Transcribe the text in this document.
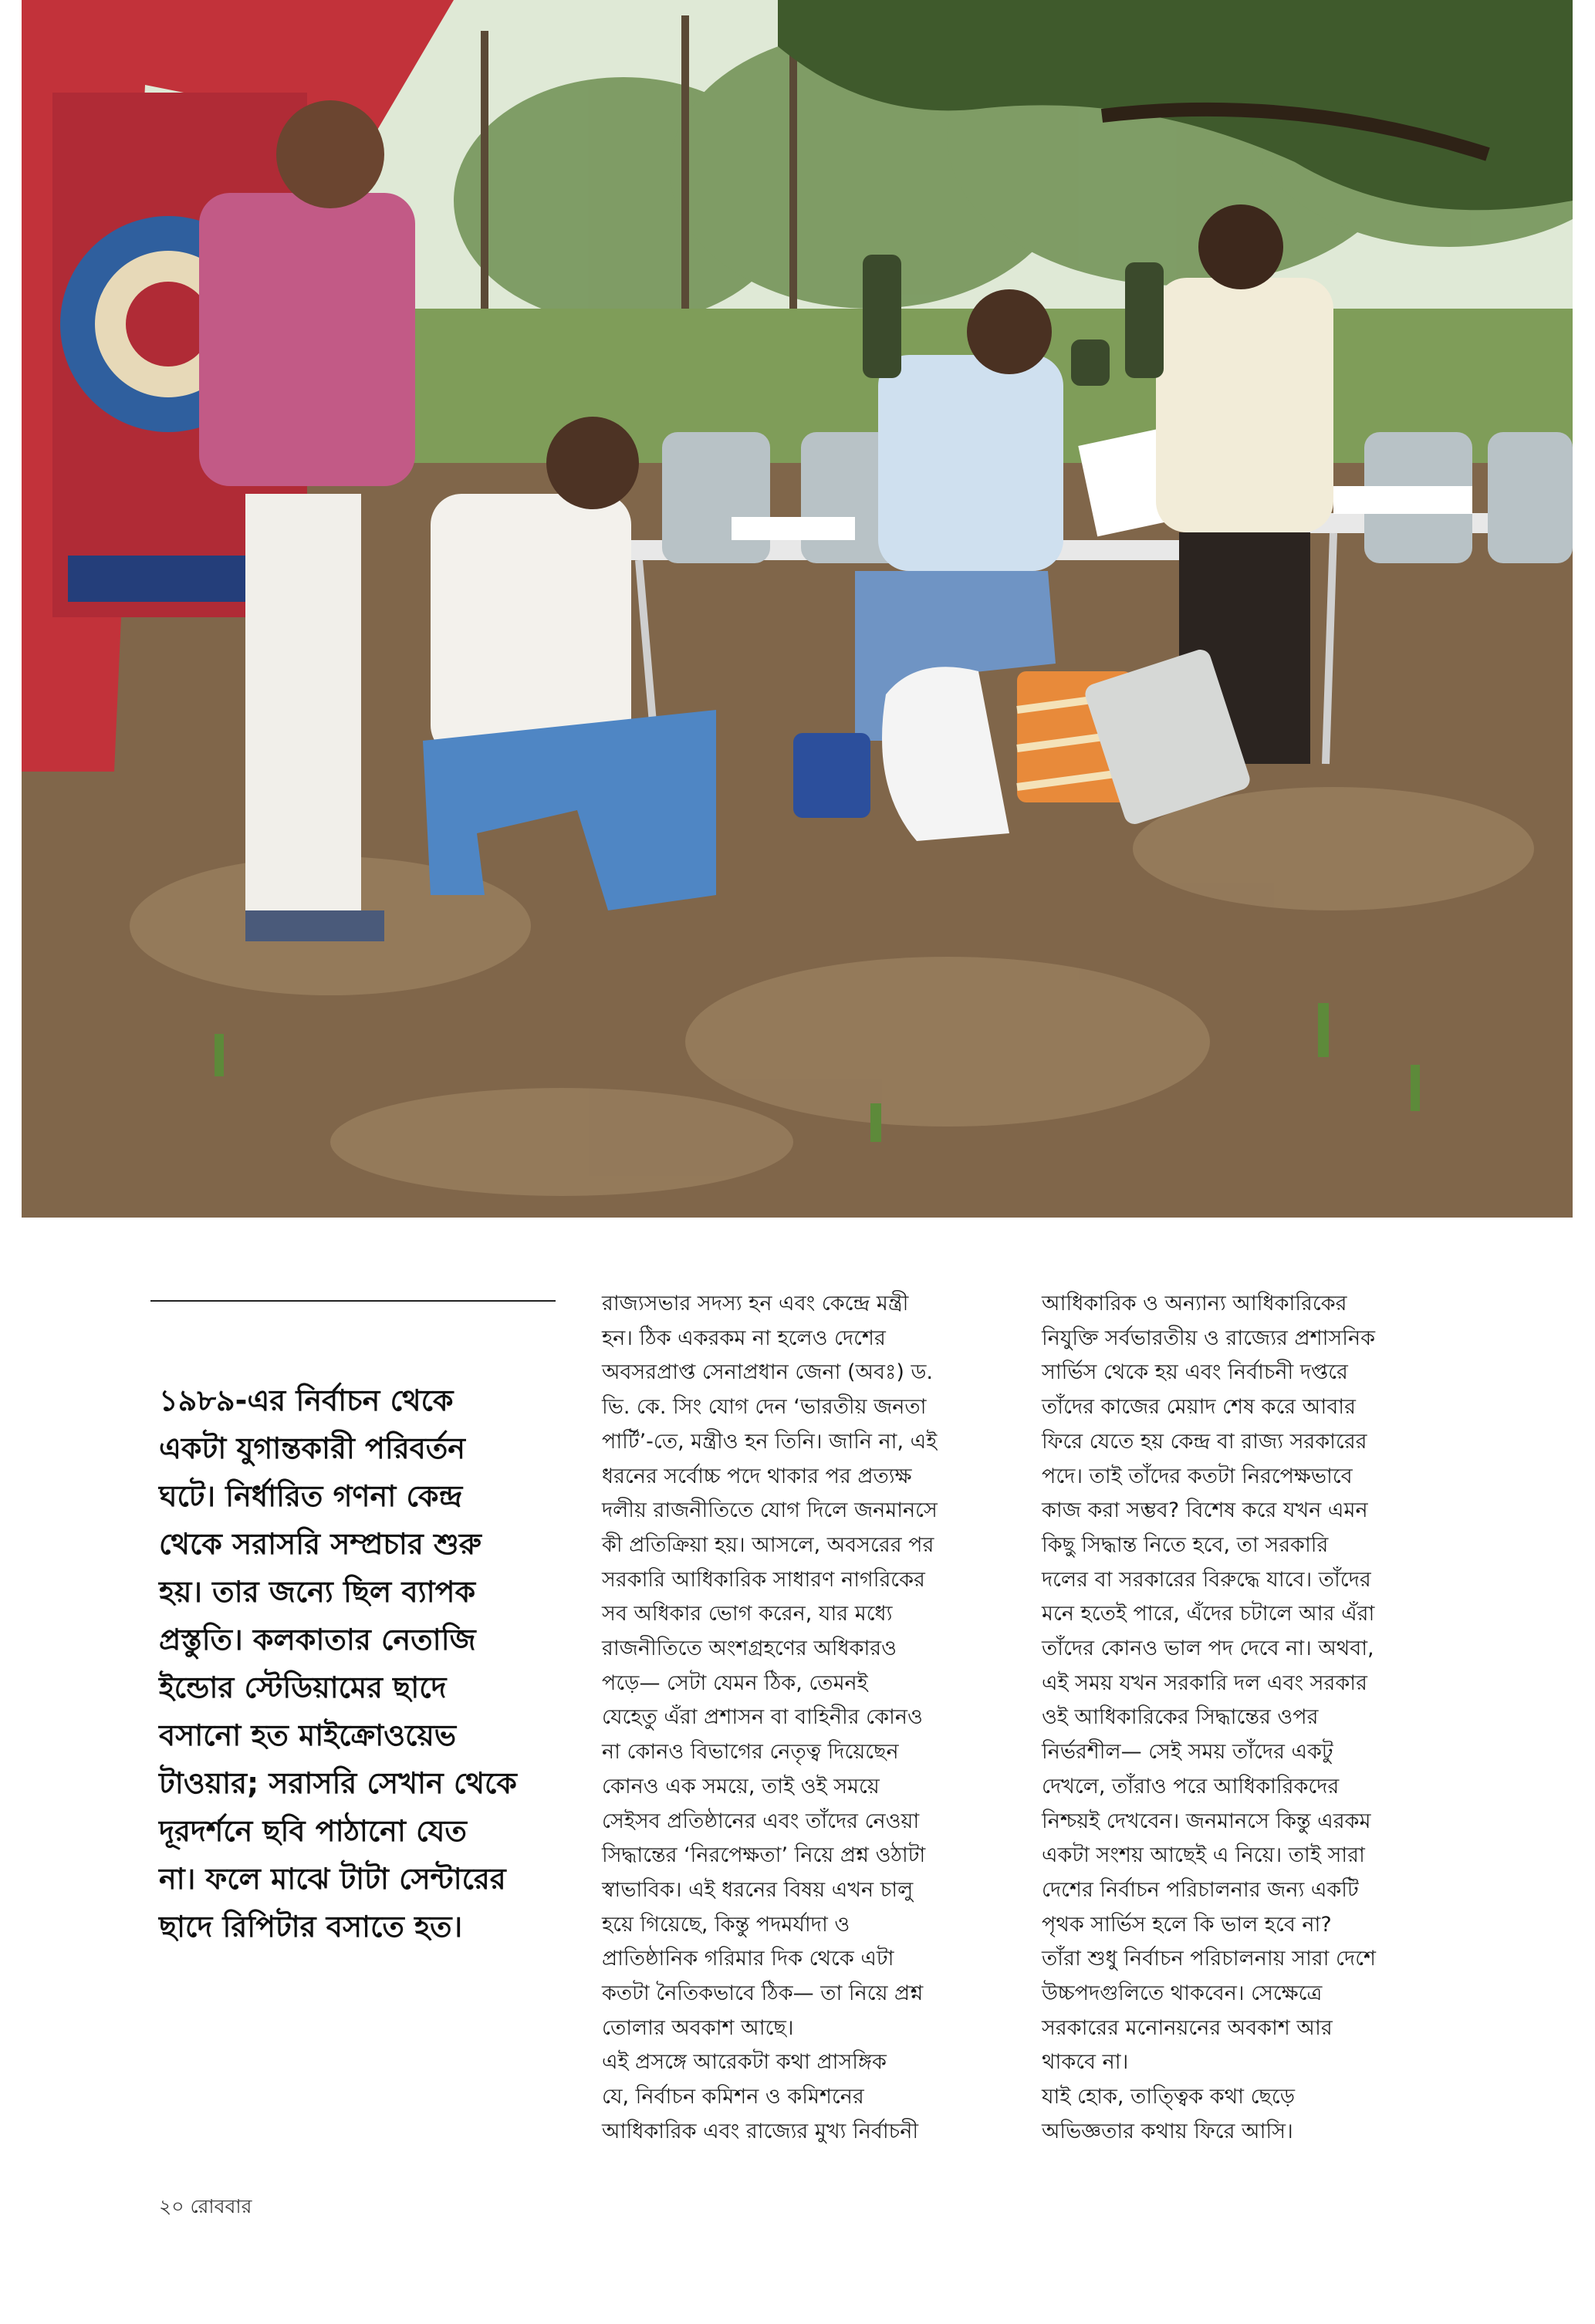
১৯৮৯-এর নির্বাচন থেকে
একটা যুগান্তকারী পরিবর্তন
ঘটে। নির্ধারিত গণনা কেন্দ্র
থেকে সরাসরি সম্প্রচার শুরু
হয়। তার জন্যে ছিল ব্যাপক
প্রস্তুতি। কলকাতার নেতাজি
ইন্ডোর স্টেডিয়ামের ছাদে
বসানো হত মাইক্রোওয়েভ
টাওয়ার; সরাসরি সেখান থেকে
দূরদর্শনে ছবি পাঠানো যেত
না। ফলে মাঝে টাটা সেন্টারের
ছাদে রিপিটার বসাতে হত।

রাজ্যসভার সদস্য হন এবং কেন্দ্রে মন্ত্রী
হন। ঠিক একরকম না হলেও দেশের
অবসরপ্রাপ্ত সেনাপ্রধান জেনা (অবঃ) ড.
ভি. কে. সিং যোগ দেন ‘ভারতীয় জনতা
পার্টি’-তে, মন্ত্রীও হন তিনি। জানি না, এই
ধরনের সর্বোচ্চ পদে থাকার পর প্রত্যক্ষ
দলীয় রাজনীতিতে যোগ দিলে জনমানসে
কী প্রতিক্রিয়া হয়। আসলে, অবসরের পর
সরকারি আধিকারিক সাধারণ নাগরিকের
সব অধিকার ভোগ করেন, যার মধ্যে
রাজনীতিতে অংশগ্রহণের অধিকারও
পড়ে— সেটা যেমন ঠিক, তেমনই
যেহেতু এঁরা প্রশাসন বা বাহিনীর কোনও
না কোনও বিভাগের নেতৃত্ব দিয়েছেন
কোনও এক সময়ে, তাই ওই সময়ে
সেইসব প্রতিষ্ঠানের এবং তাঁদের নেওয়া
সিদ্ধান্তের ‘নিরপেক্ষতা’ নিয়ে প্রশ্ন ওঠাটা
স্বাভাবিক। এই ধরনের বিষয় এখন চালু
হয়ে গিয়েছে, কিন্তু পদমর্যাদা ও
প্রাতিষ্ঠানিক গরিমার দিক থেকে এটা
কতটা নৈতিকভাবে ঠিক— তা নিয়ে প্রশ্ন
তোলার অবকাশ আছে।
এই প্রসঙ্গে আরেকটা কথা প্রাসঙ্গিক
যে, নির্বাচন কমিশন ও কমিশনের
আধিকারিক এবং রাজ্যের মুখ্য নির্বাচনী

আধিকারিক ও অন্যান্য আধিকারিকের
নিযুক্তি সর্বভারতীয় ও রাজ্যের প্রশাসনিক
সার্ভিস থেকে হয় এবং নির্বাচনী দপ্তরে
তাঁদের কাজের মেয়াদ শেষ করে আবার
ফিরে যেতে হয় কেন্দ্র বা রাজ্য সরকারের
পদে। তাই তাঁদের কতটা নিরপেক্ষভাবে
কাজ করা সম্ভব? বিশেষ করে যখন এমন
কিছু সিদ্ধান্ত নিতে হবে, তা সরকারি
দলের বা সরকারের বিরুদ্ধে যাবে। তাঁদের
মনে হতেই পারে, এঁদের চটালে আর এঁরা
তাঁদের কোনও ভাল পদ দেবে না। অথবা,
এই সময় যখন সরকারি দল এবং সরকার
ওই আধিকারিকের সিদ্ধান্তের ওপর
নির্ভরশীল— সেই সময় তাঁদের একটু
দেখলে, তাঁরাও পরে আধিকারিকদের
নিশ্চয়ই দেখবেন। জনমানসে কিন্তু এরকম
একটা সংশয় আছেই এ নিয়ে। তাই সারা
দেশের নির্বাচন পরিচালনার জন্য একটি
পৃথক সার্ভিস হলে কি ভাল হবে না?
তাঁরা শুধু নির্বাচন পরিচালনায় সারা দেশে
উচ্চপদগুলিতে থাকবেন। সেক্ষেত্রে
সরকারের মনোনয়নের অবকাশ আর
থাকবে না।
যাই হোক, তাত্ত্বিক কথা ছেড়ে
অভিজ্ঞতার কথায় ফিরে আসি।

২০ রোববার
